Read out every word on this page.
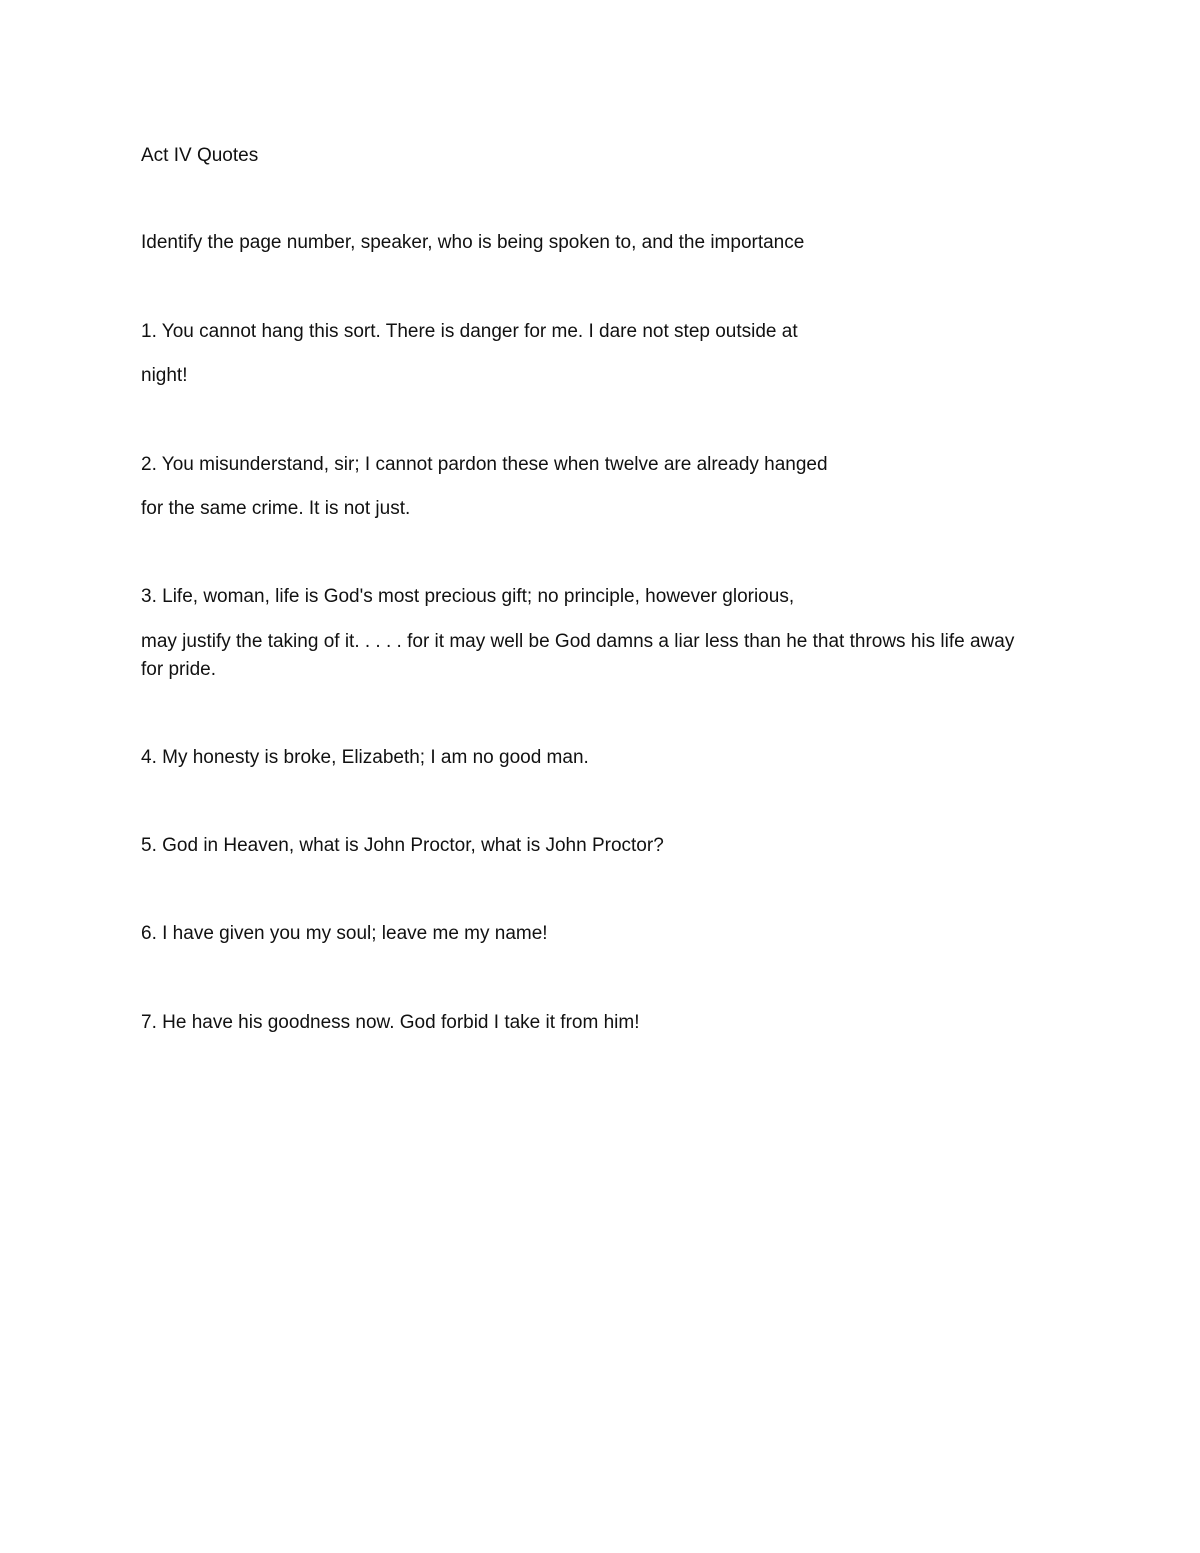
Act IV Quotes
Identify the page number, speaker, who is being spoken to, and the importance
1. You cannot hang this sort. There is danger for me. I dare not step outside at
night!
2. You misunderstand, sir; I cannot pardon these when twelve are already hanged
for the same crime. It is not just.
3. Life, woman, life is God's most precious gift; no principle, however glorious,
may justify the taking of it. . . . . for it may well be God damns a liar less than he that throws his life away
for pride.
4. My honesty is broke, Elizabeth; I am no good man.
5. God in Heaven, what is John Proctor, what is John Proctor?
6. I have given you my soul; leave me my name!
7. He have his goodness now. God forbid I take it from him!
